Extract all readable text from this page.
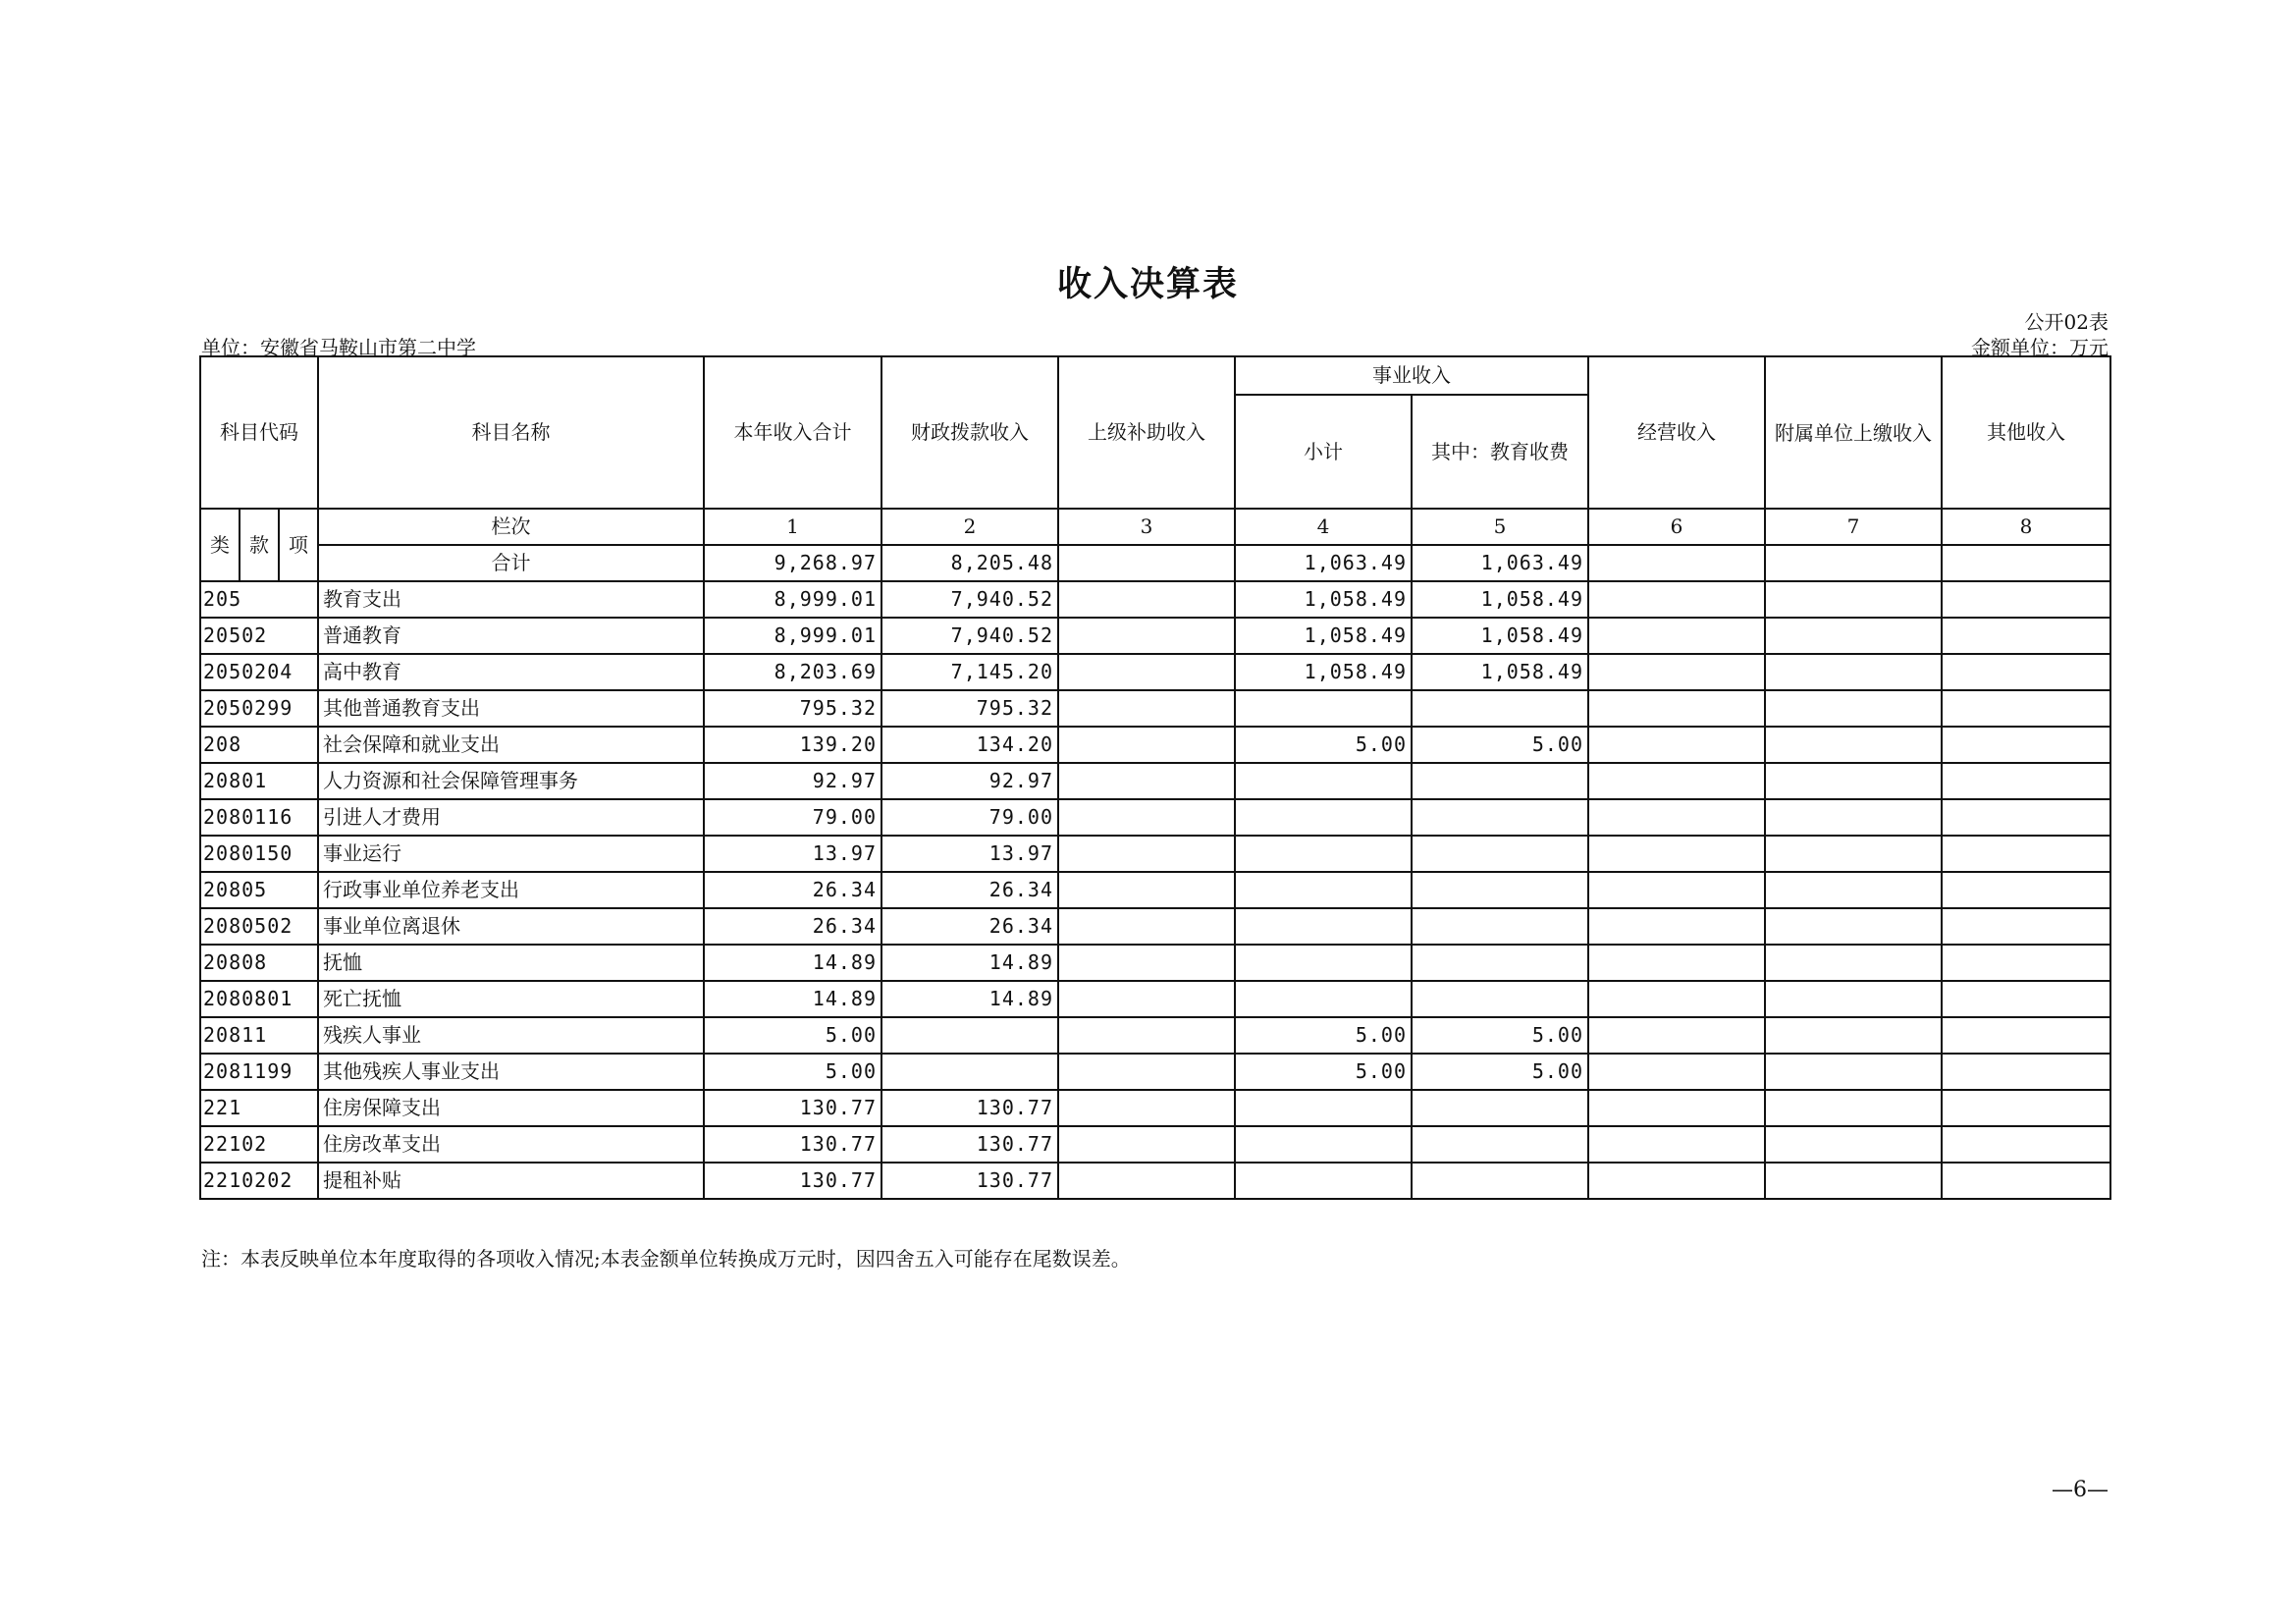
收入决算表
公开02表
单位：安徽省马鞍山市第二中学	金额单位：万元
科目代码			科目名称	本年收入合计	财政拨款收入	上级补助收入	事业收入		经营收入	附属单位上缴收入	其他收入
							小计	其中：教育收费			
类	款	项	栏次	1	2	3	4	5	6	7	8
			合计	9,268.97	8,205.48		1,063.49	1,063.49			
205			教育支出	8,999.01	7,940.52		1,058.49	1,058.49			
20502			普通教育	8,999.01	7,940.52		1,058.49	1,058.49			
2050204			高中教育	8,203.69	7,145.20		1,058.49	1,058.49			
2050299			其他普通教育支出	795.32	795.32						
208			社会保障和就业支出	139.20	134.20		5.00	5.00			
20801			人力资源和社会保障管理事务	92.97	92.97						
2080116			引进人才费用	79.00	79.00						
2080150			事业运行	13.97	13.97						
20805			行政事业单位养老支出	26.34	26.34						
2080502			事业单位离退休	26.34	26.34						
20808			抚恤	14.89	14.89						
2080801			死亡抚恤	14.89	14.89						
20811			残疾人事业	5.00			5.00	5.00			
2081199			其他残疾人事业支出	5.00			5.00	5.00			
221			住房保障支出	130.77	130.77						
22102			住房改革支出	130.77	130.77						
2210202			提租补贴	130.77	130.77						
注：本表反映单位本年度取得的各项收入情况;本表金额单位转换成万元时，因四舍五入可能存在尾数误差。
—6—
